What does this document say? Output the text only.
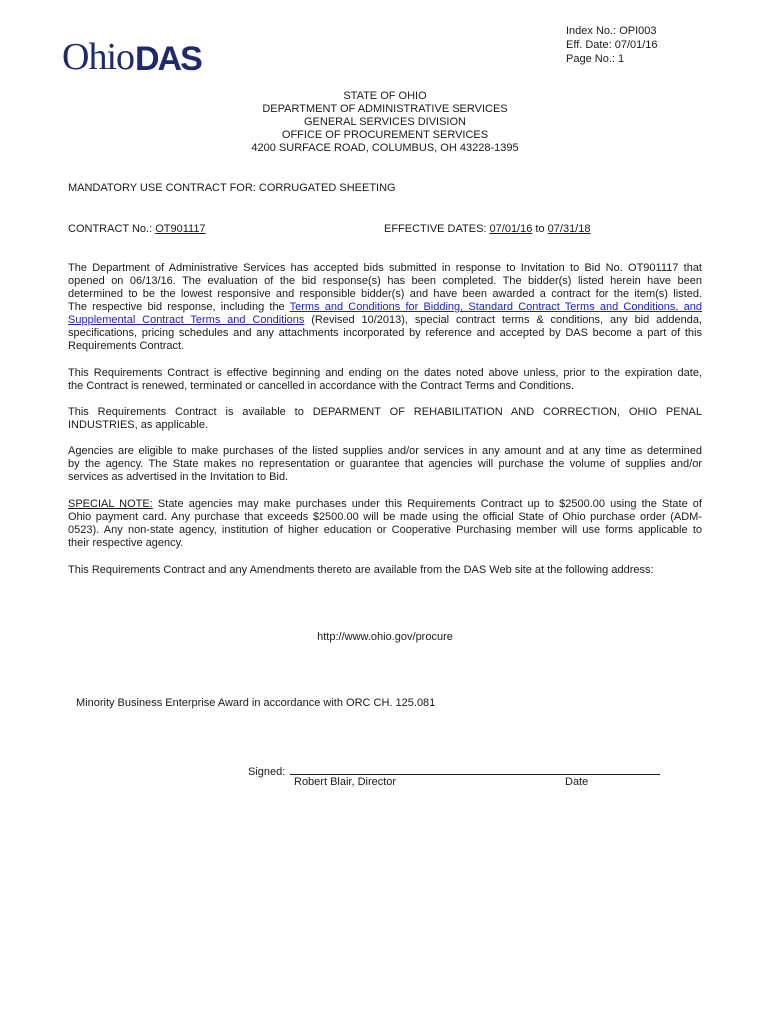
Ohio DAS
Index No.: OPI003
Eff. Date: 07/01/16
Page No.: 1
STATE OF OHIO
DEPARTMENT OF ADMINISTRATIVE SERVICES
GENERAL SERVICES DIVISION
OFFICE OF PROCUREMENT SERVICES
4200 SURFACE ROAD, COLUMBUS, OH 43228-1395
MANDATORY USE CONTRACT FOR: CORRUGATED SHEETING
CONTRACT No.: OT901117	EFFECTIVE DATES: 07/01/16 to 07/31/18
The Department of Administrative Services has accepted bids submitted in response to Invitation to Bid No. OT901117 that
opened on 06/13/16. The evaluation of the bid response(s) has been completed. The bidder(s) listed herein have been
determined to be the lowest responsive and responsible bidder(s) and have been awarded a contract for the item(s) listed.
The respective bid response, including the Terms and Conditions for Bidding, Standard Contract Terms and Conditions, and
Supplemental Contract Terms and Conditions (Revised 10/2013), special contract terms & conditions, any bid addenda,
specifications, pricing schedules and any attachments incorporated by reference and accepted by DAS become a part of this
Requirements Contract.
This Requirements Contract is effective beginning and ending on the dates noted above unless, prior to the expiration date,
the Contract is renewed, terminated or cancelled in accordance with the Contract Terms and Conditions.
This Requirements Contract is available to DEPARMENT OF REHABILITATION AND CORRECTION, OHIO PENAL
INDUSTRIES, as applicable.
Agencies are eligible to make purchases of the listed supplies and/or services in any amount and at any time as determined
by the agency. The State makes no representation or guarantee that agencies will purchase the volume of supplies and/or
services as advertised in the Invitation to Bid.
SPECIAL NOTE: State agencies may make purchases under this Requirements Contract up to $2500.00 using the State of
Ohio payment card. Any purchase that exceeds $2500.00 will be made using the official State of Ohio purchase order (ADM-
0523). Any non-state agency, institution of higher education or Cooperative Purchasing member will use forms applicable to
their respective agency.
This Requirements Contract and any Amendments thereto are available from the DAS Web site at the following address:
http://www.ohio.gov/procure
Minority Business Enterprise Award in accordance with ORC CH. 125.081
Signed:
Robert Blair, Director	Date
